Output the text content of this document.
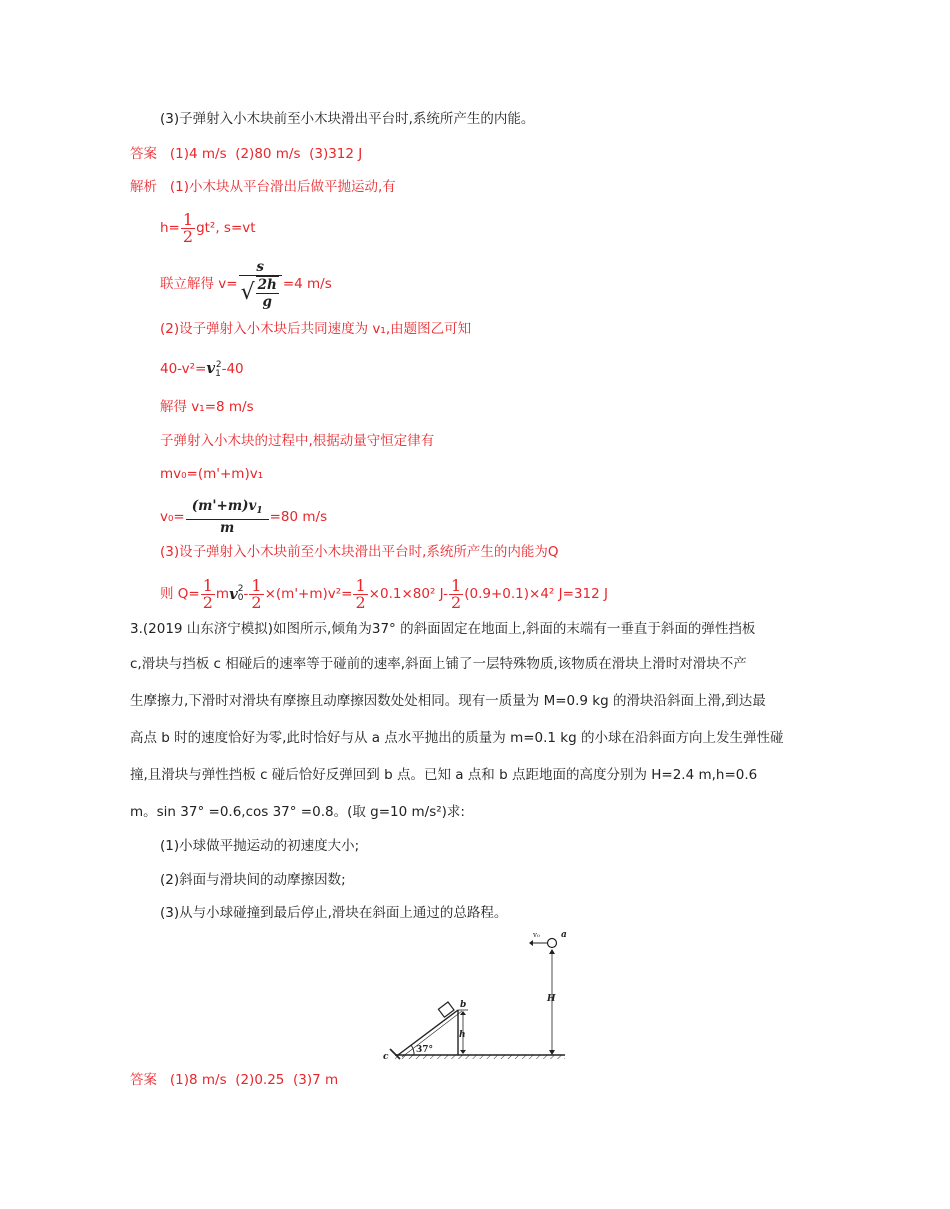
(3)子弹射入小木块前至小木块滑出平台时,系统所产生的内能。
答案 (1)4 m/s  (2)80 m/s  (3)312 J
解析 (1)小木块从平台滑出后做平抛运动,有
$h= \frac{1}{2} gt^2$, s=vt
联立解得 $v= \frac{s}{√ \frac{2h}{g}} =4$ m/s
(2)设子弹射入小木块后共同速度为 v₁,由题图乙可知
$40-v^2=v_1^2-40$
解得 v₁=8 m/s
子弹射入小木块的过程中,根据动量守恒定律有
mv₀=(m'+m)v₁
$v_0= \frac{(m'+m)v_1}{m} =80$ m/s
(3)设子弹射入小木块前至小木块滑出平台时,系统所产生的内能为Q
则 $Q= \frac{1}{2}$ m v 2
$0 - \frac{1}{2} \times(m'+m)v^2= \frac{1}{2} \times 0.1\times 80^2$ $J- \frac{1}{2} (0.9+0.1)\times 4^2$ J=312 J
3.(2019 山东济宁模拟)如图所示,倾角为37° 的斜面固定在地面上,斜面的末端有一垂直于斜面的弹性挡板
c,滑块与挡板 c 相碰后的速率等于碰前的速率,斜面上铺了一层特殊物质,该物质在滑块上滑时对滑块不产
生摩擦力,下滑时对滑块有摩擦且动摩擦因数处处相同。现有一质量为 M=0.9 kg 的滑块沿斜面上滑,到达最
高点 b 时的速度恰好为零,此时恰好与从 a 点水平抛出的质量为 m=0.1 kg 的小球在沿斜面方向上发生弹性碰
撞,且滑块与弹性挡板 c 碰后恰好反弹回到 b 点。已知 a 点和 b 点距地面的高度分别为 H=2.4 m,h=0.6
m。sin 37° =0.6,cos 37° =0.8。(取 g=10 m/s²)求:
(1)小球做平抛运动的初速度大小;
(2)斜面与滑块间的动摩擦因数;
(3)从与小球碰撞到最后停止,滑块在斜面上通过的总路程。
37°
c
b
h
v₀ a
H
答案 (1)8 m/s  (2)0.25  (3)7 m
